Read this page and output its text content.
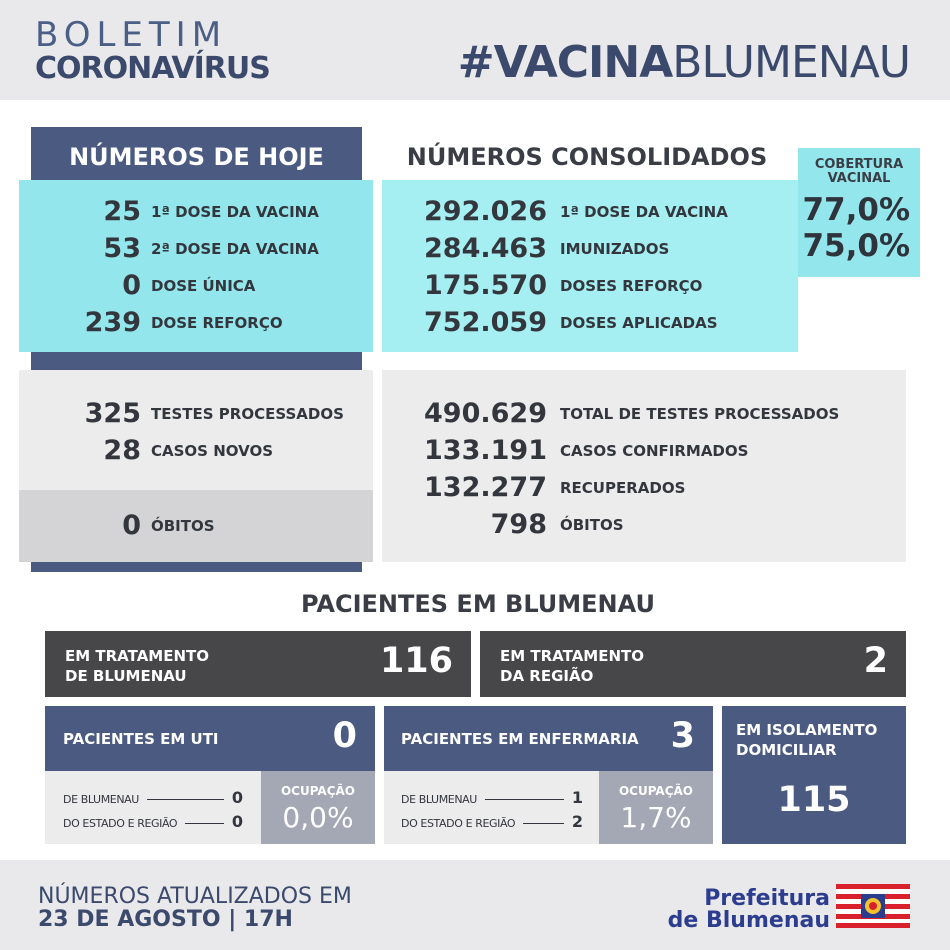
BOLETIM
CORONAVÍRUS	#VACINABLUMENAU
NÚMEROS DE HOJE
25 1ª DOSE DA VACINA
53 2ª DOSE DA VACINA
0 DOSE ÚNICA
239 DOSE REFORÇO
NÚMEROS CONSOLIDADOS
292.026 1ª DOSE DA VACINA
284.463 IMUNIZADOS
175.570 DOSES REFORÇO
752.059 DOSES APLICADAS
COBERTURA
VACINAL
77,0%
75,0%
325 TESTES PROCESSADOS
28 CASOS NOVOS
0 ÓBITOS
490.629 TOTAL DE TESTES PROCESSADOS
133.191 CASOS CONFIRMADOS
132.277 RECUPERADOS
798 ÓBITOS
PACIENTES EM BLUMENAU
EM TRATAMENTO
DE BLUMENAU	116	EM TRATAMENTO
DA REGIÃO	2
PACIENTES EM UTI	0
DE BLUMENAU	0
DO ESTADO E REGIÃO	0
OCUPAÇÃO
0,0%
PACIENTES EM ENFERMARIA 3
DE BLUMENAU	1
DO ESTADO E REGIÃO	2
OCUPAÇÃO
1,7%
EM ISOLAMENTO
DOMICILIAR
115
NÚMEROS ATUALIZADOS EM
23 DE AGOSTO | 17H
Prefeitura
de Blumenau
